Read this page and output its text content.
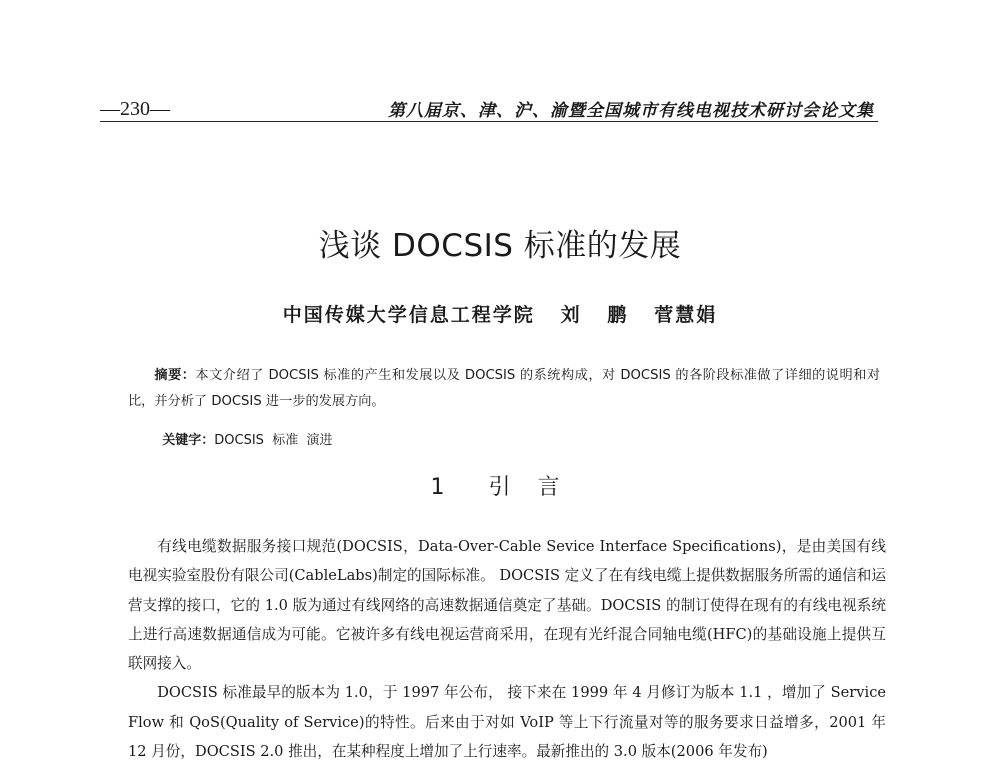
—230—	第八届京、津、沪、渝暨全国城市有线电视技术研讨会论文集
浅谈 DOCSIS 标准的发展
中国传媒大学信息工程学院   刘   鹏   菅慧娟
摘要：本文介绍了 DOCSIS 标准的产生和发展以及 DOCSIS 的系统构成，对 DOCSIS 的各阶段标准做了详细的说明和对比，并分析了 DOCSIS 进一步的发展方向。

关键字：DOCSIS  标准  演进

1  引 言

有线电缆数据服务接口规范(DOCSIS，Data-Over-Cable Sevice Interface Specifications)，是由美国有线电视实验室股份有限公司(CableLabs)制定的国际标准。 DOCSIS 定义了在有线电缆上提供数据服务所需的通信和运营支撑的接口，它的 1.0 版为通过有线网络的高速数据通信奠定了基础。DOCSIS 的制订使得在现有的有线电视系统上进行高速数据通信成为可能。它被许多有线电视运营商采用，在现有光纤混合同轴电缆(HFC)的基础设施上提供互联网接入。

DOCSIS 标准最早的版本为 1.0，于 1997 年公布， 接下来在 1999 年 4 月修订为版本 1.1 ，增加了 Service Flow 和 QoS(Quality of Service)的特性。后来由于对如 VoIP 等上下行流量对等的服务要求日益增多，2001 年 12 月份，DOCSIS 2.0 推出，在某种程度上增加了上行速率。最新推出的 3.0 版本(2006 年发布)
